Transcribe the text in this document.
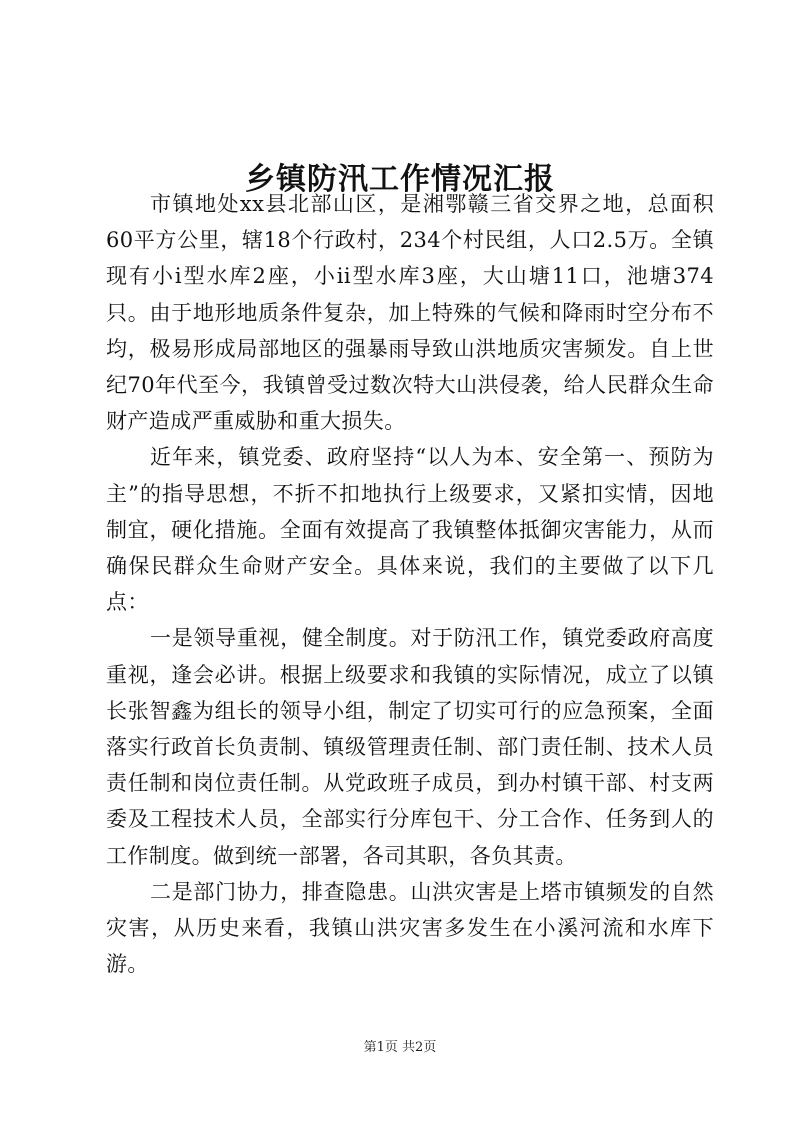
乡镇防汛工作情况汇报

市镇地处xx县北部山区，是湘鄂赣三省交界之地，总面积60平方公里，辖18个行政村，234个村民组，人口2.5万。全镇现有小i型水库2座，小ii型水库3座，大山塘11口，池塘374只。由于地形地质条件复杂，加上特殊的气候和降雨时空分布不均，极易形成局部地区的强暴雨导致山洪地质灾害频发。自上世纪70年代至今，我镇曾受过数次特大山洪侵袭，给人民群众生命财产造成严重威胁和重大损失。

近年来，镇党委、政府坚持“以人为本、安全第一、预防为主”的指导思想，不折不扣地执行上级要求，又紧扣实情，因地制宜，硬化措施。全面有效提高了我镇整体抵御灾害能力，从而确保民群众生命财产安全。具体来说，我们的主要做了以下几点：

一是领导重视，健全制度。对于防汛工作，镇党委政府高度重视，逢会必讲。根据上级要求和我镇的实际情况，成立了以镇长张智鑫为组长的领导小组，制定了切实可行的应急预案，全面落实行政首长负责制、镇级管理责任制、部门责任制、技术人员责任制和岗位责任制。从党政班子成员，到办村镇干部、村支两委及工程技术人员，全部实行分库包干、分工合作、任务到人的工作制度。做到统一部署，各司其职，各负其责。

二是部门协力，排查隐患。山洪灾害是上塔市镇频发的自然灾害，从历史来看，我镇山洪灾害多发生在小溪河流和水库下游。

第1页 共2页
